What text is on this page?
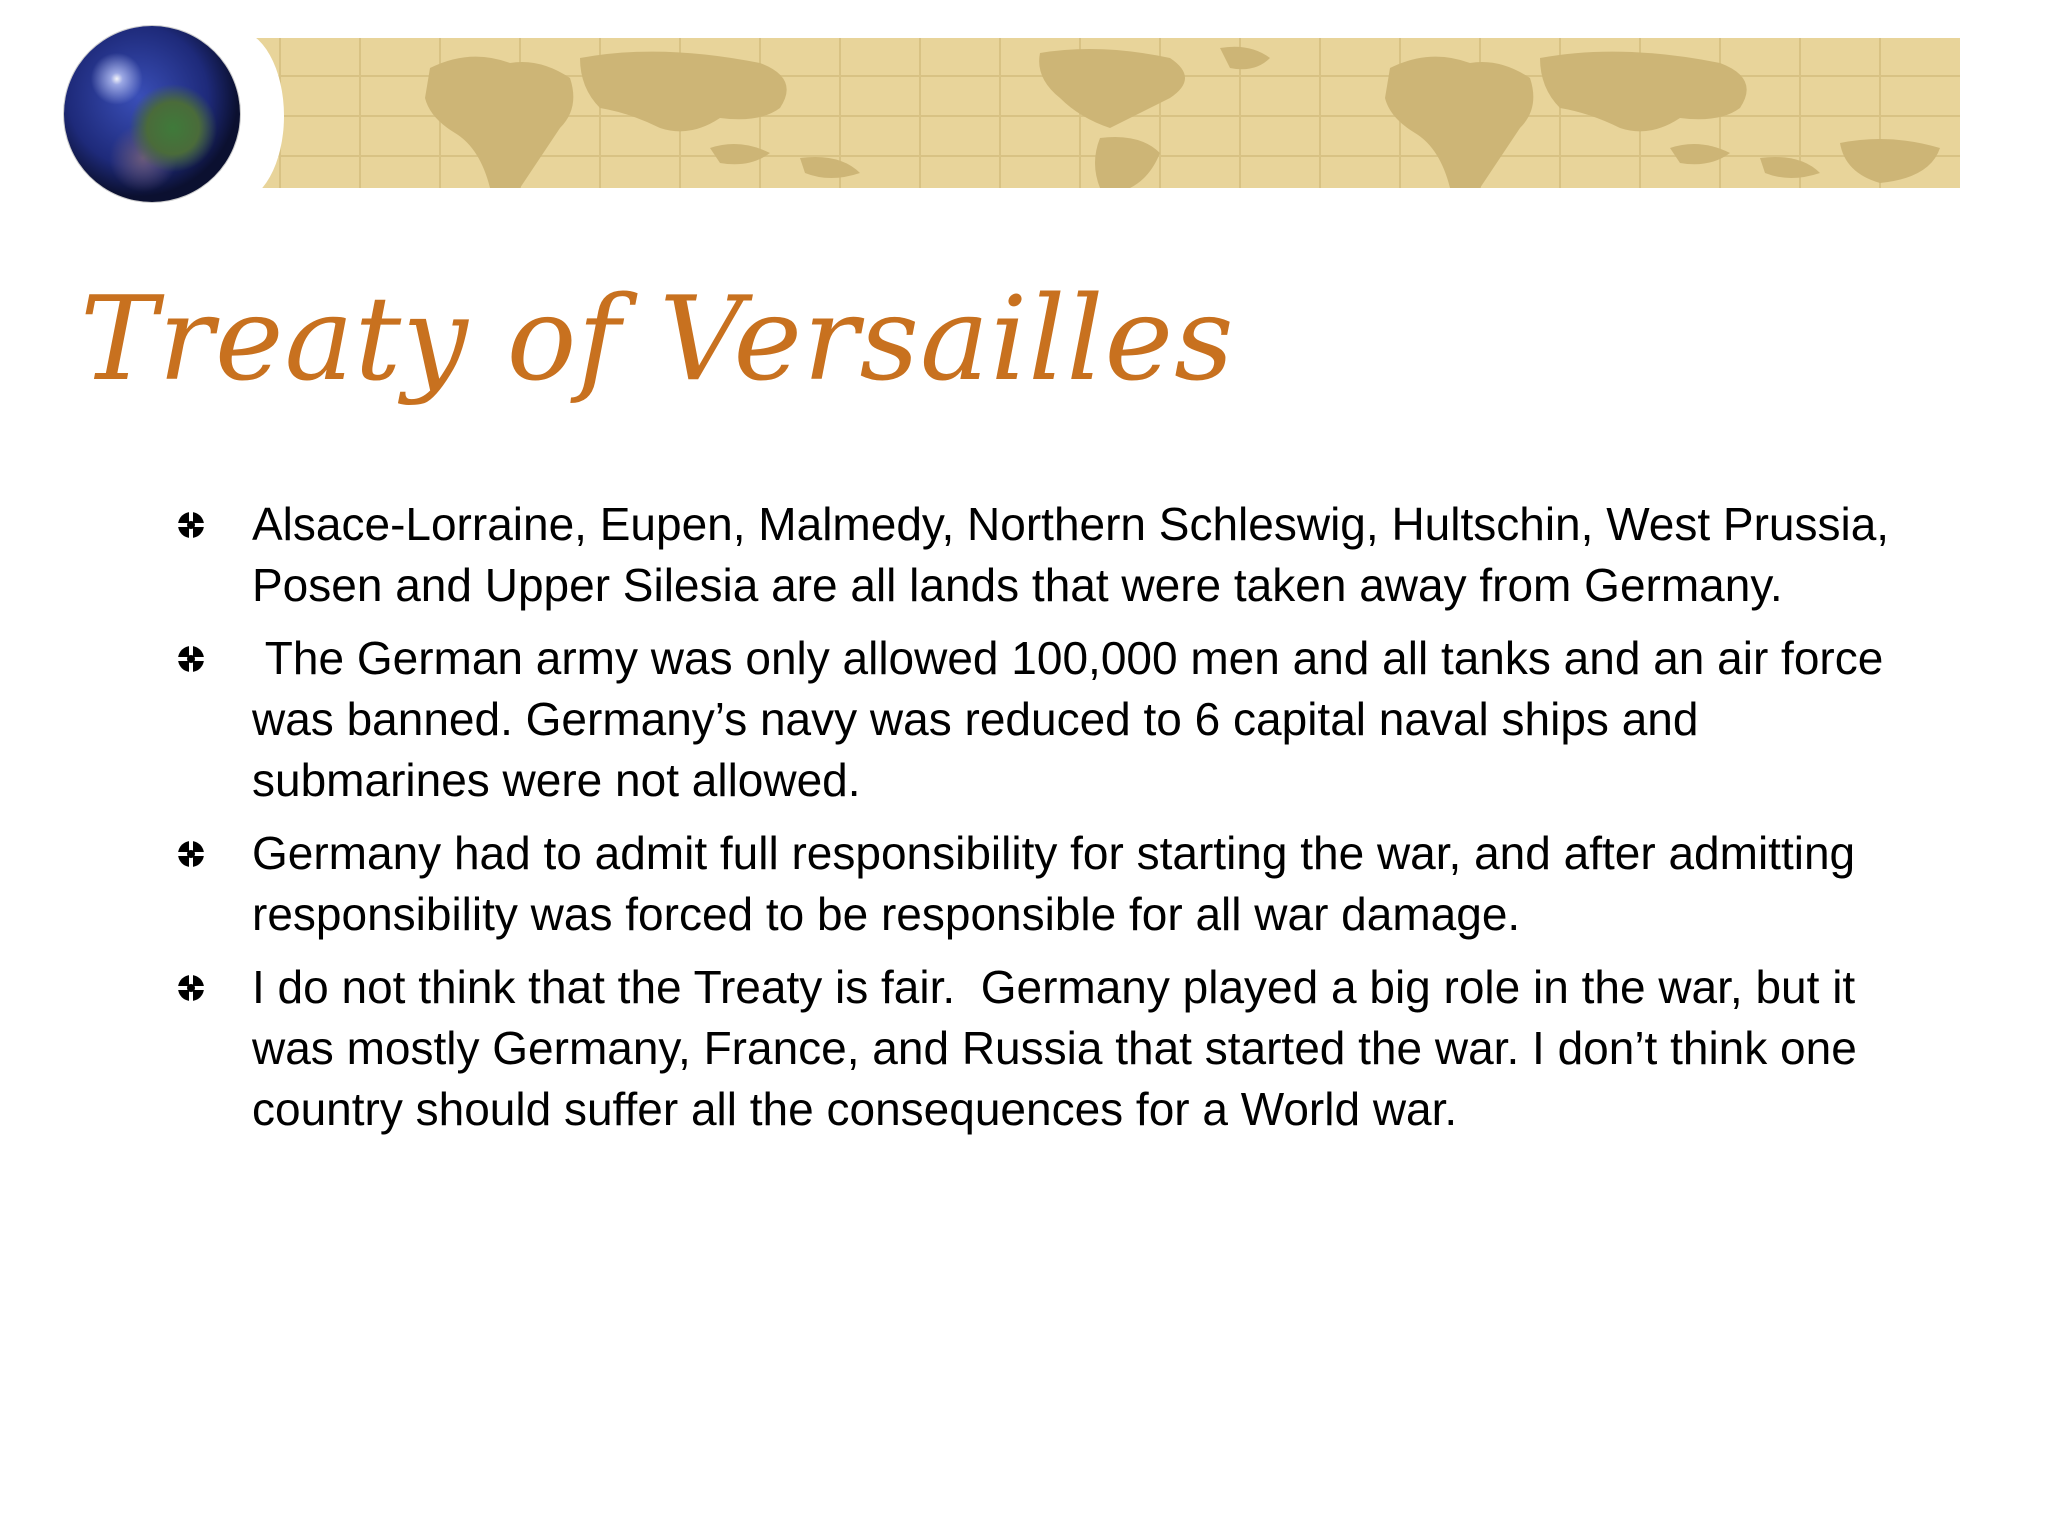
Treaty of Versailles
Alsace-Lorraine, Eupen, Malmedy, Northern Schleswig, Hultschin, West Prussia, Posen and Upper Silesia are all lands that were taken away from Germany.
The German army was only allowed 100,000 men and all tanks and an air force was banned. Germany’s navy was reduced to 6 capital naval ships and submarines were not allowed.
Germany had to admit full responsibility for starting the war, and after admitting responsibility was forced to be responsible for all war damage.
I do not think that the Treaty is fair.  Germany played a big role in the war, but it was mostly Germany, France, and Russia that started the war. I don’t think one country should suffer all the consequences for a World war.
